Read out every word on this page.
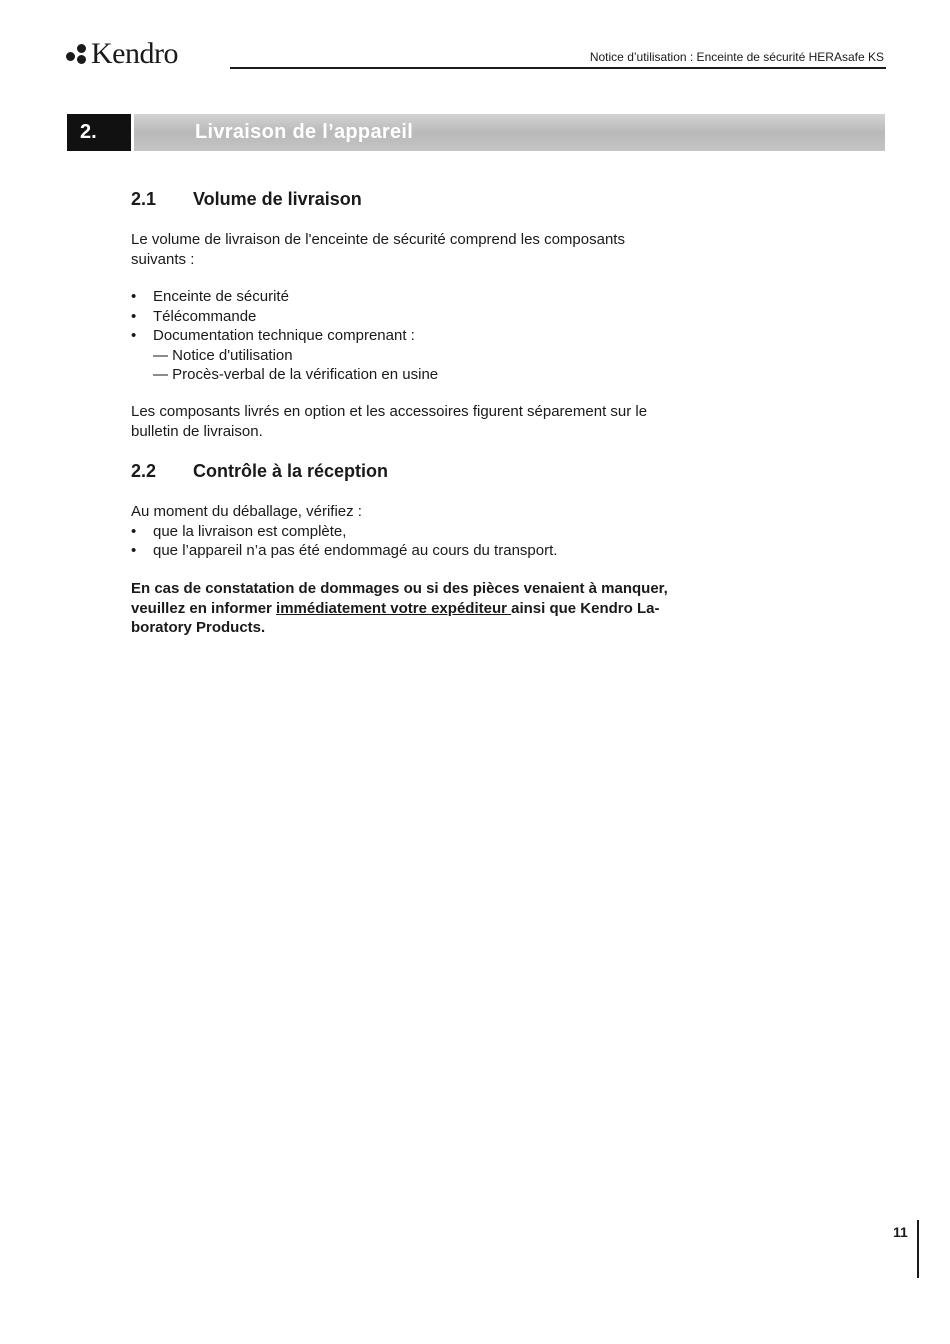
Kendro	Notice d’utilisation : Enceinte de sécurité HERAsafe KS
2.	Livraison de l’appareil
2.1	Volume de livraison
Le volume de livraison de l'enceinte de sécurité comprend les composants
suivants :
•	Enceinte de sécurité
•	Télécommande
•	Documentation technique comprenant :
— Notice d'utilisation
— Procès-verbal de la vérification en usine
Les composants livrés en option et les accessoires figurent séparement sur le
bulletin de livraison.
2.2	Contrôle à la réception
Au moment du déballage, vérifiez :
•	que la livraison est complète,
•	que l’appareil n’a pas été endommagé au cours du transport.
En cas de constatation de dommages ou si des pièces venaient à manquer,
veuillez en informer immédiatement votre expéditeur ainsi que Kendro La-
boratory Products.
11
